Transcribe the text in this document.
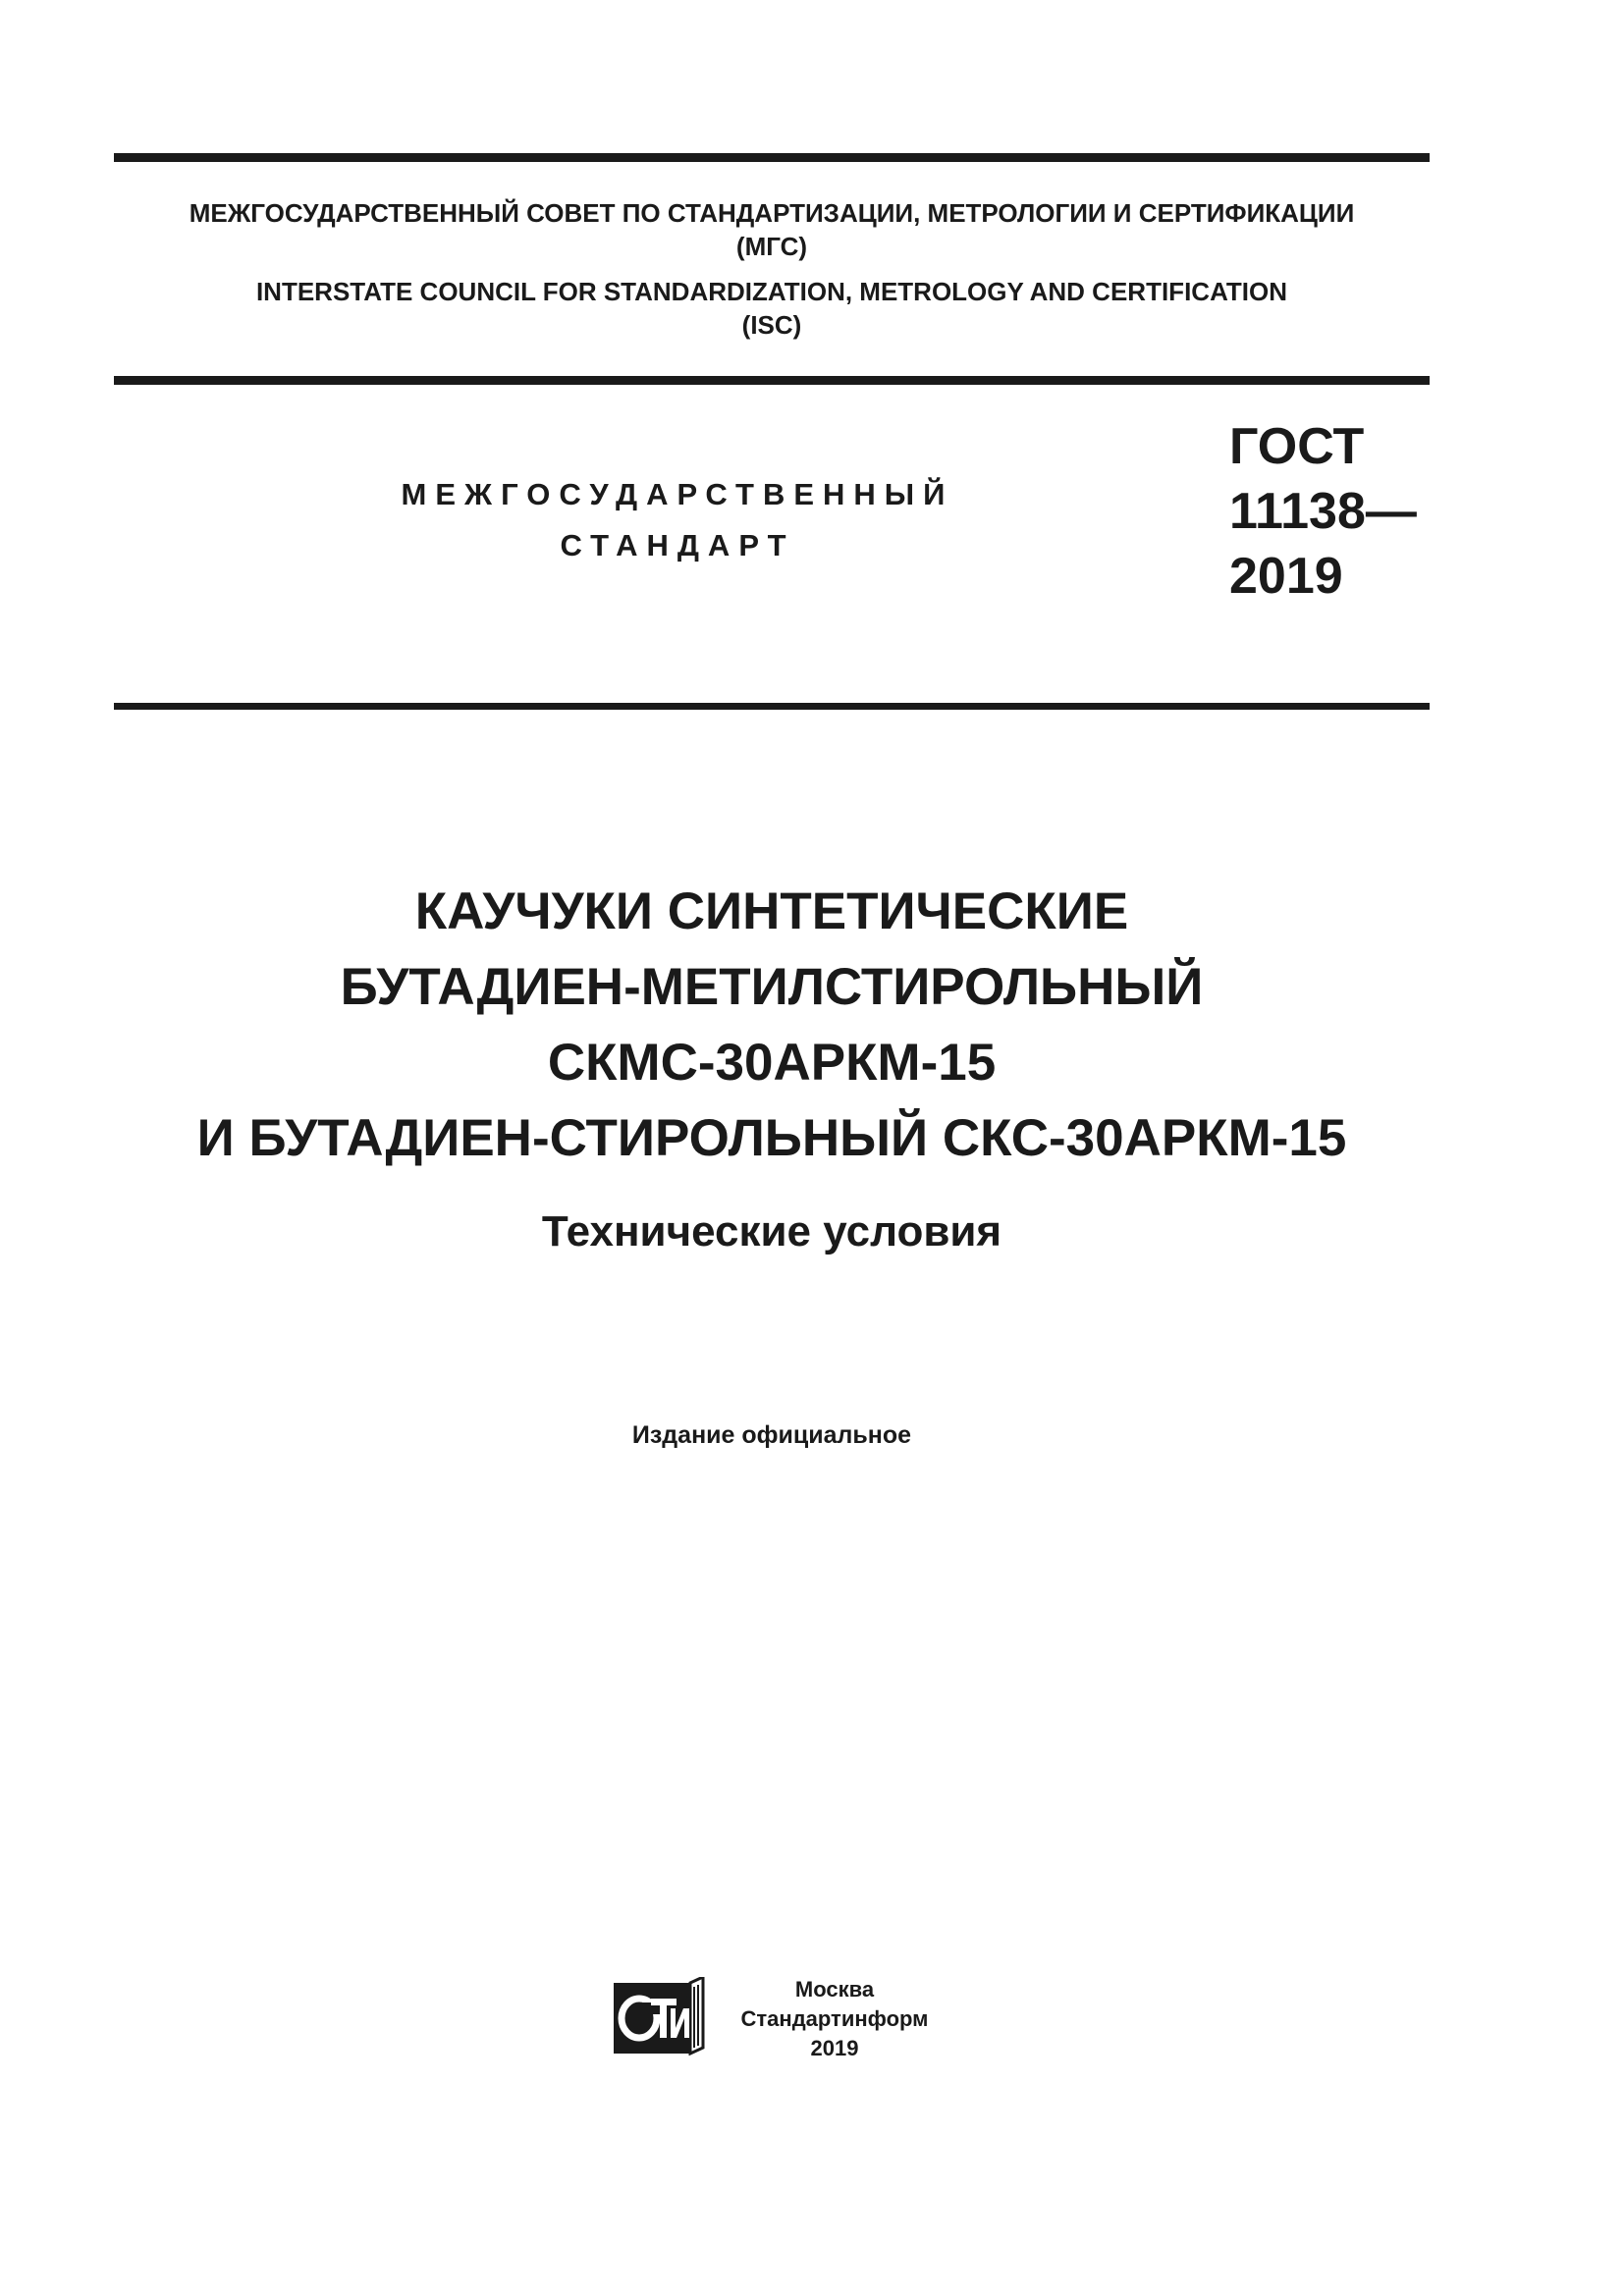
МЕЖГОСУДАРСТВЕННЫЙ СОВЕТ ПО СТАНДАРТИЗАЦИИ, МЕТРОЛОГИИ И СЕРТИФИКАЦИИ
(МГС)
INTERSTATE COUNCIL FOR STANDARDIZATION, METROLOGY AND CERTIFICATION
(ISC)
МЕЖГОСУДАРСТВЕННЫЙ
СТАНДАРТ
ГОСТ
11138—
2019
КАУЧУКИ СИНТЕТИЧЕСКИЕ
БУТАДИЕН-МЕТИЛСТИРОЛЬНЫЙ
СКМС-30АРКМ-15
И БУТАДИЕН-СТИРОЛЬНЫЙ СКС-30АРКМ-15
Технические условия
Издание официальное
Москва
Стандартинформ
2019
